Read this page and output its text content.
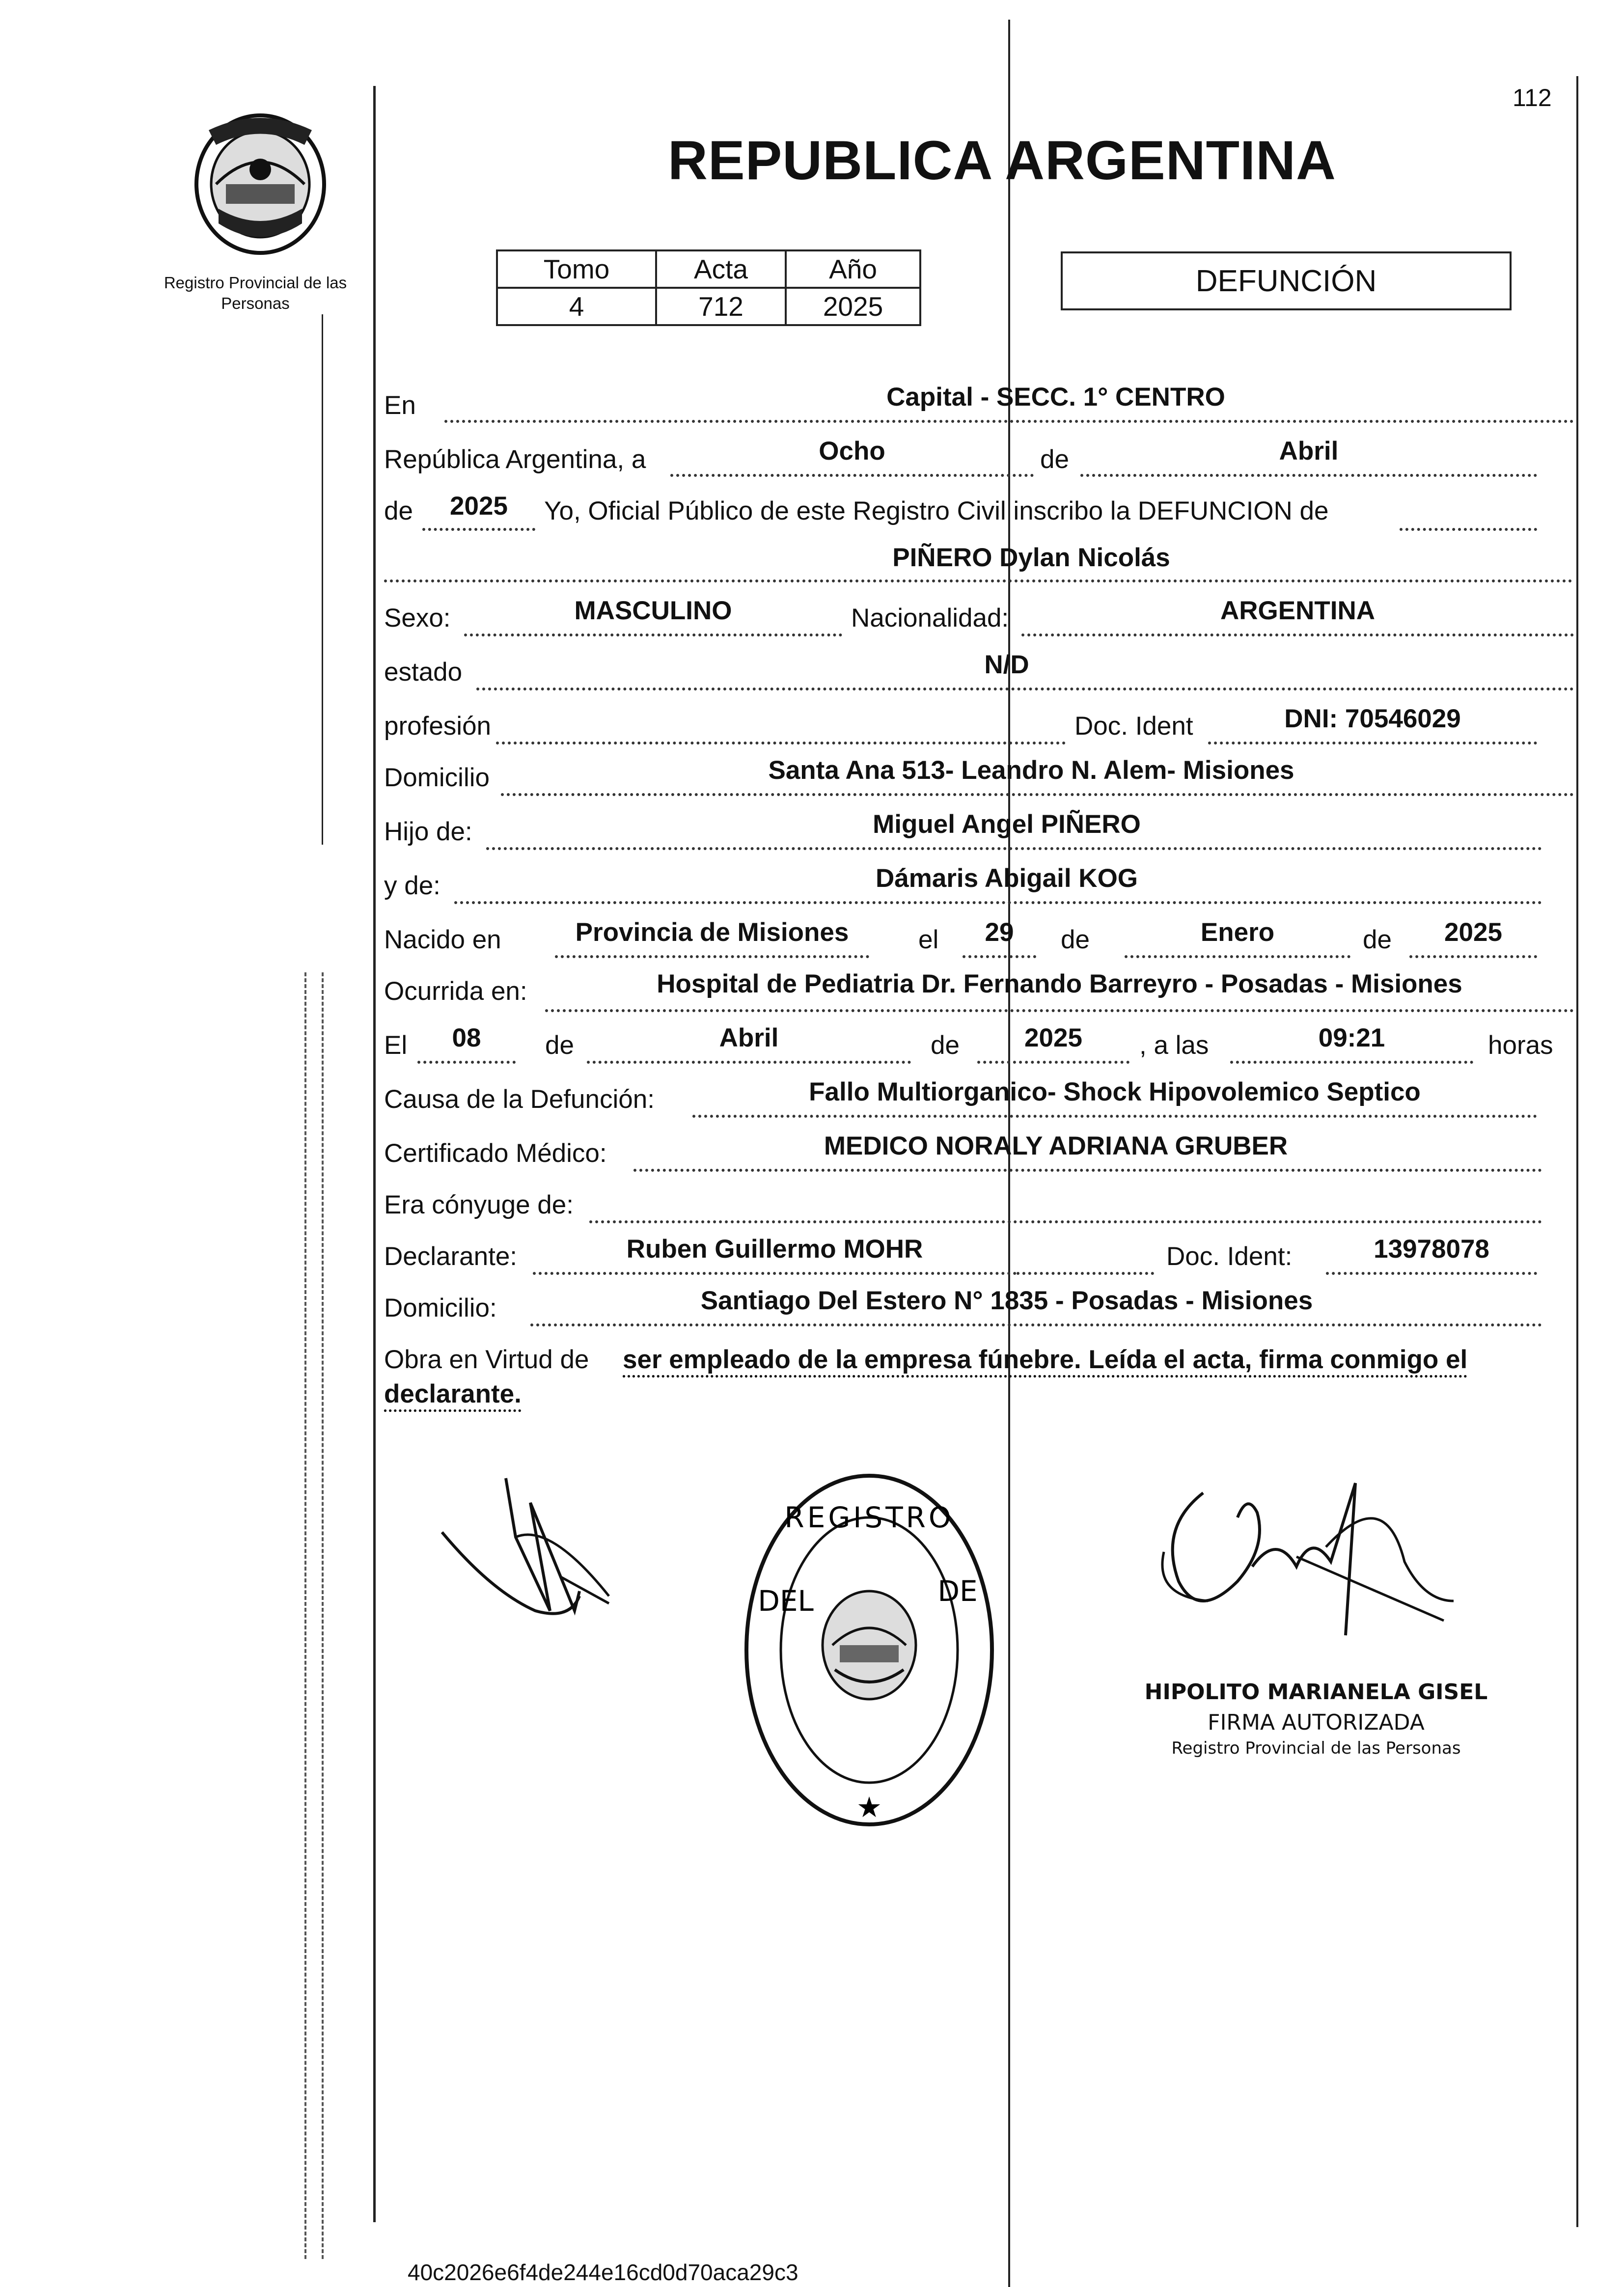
112
REPUBLICA ARGENTINA
Registro Provincial de las Personas
Tomo	Acta	Año
4	712	2025
DEFUNCIÓN
En	Capital - SECC. 1° CENTRO
República Argentina, a	Ocho	de	Abril
de	2025	Yo, Oficial Público de este Registro Civil inscribo la DEFUNCION de
PIÑERO Dylan Nicolás
Sexo:	MASCULINO	Nacionalidad:	ARGENTINA
estado	N/D
profesión	Doc. Ident	DNI: 70546029
Domicilio	Santa Ana 513- Leandro N. Alem- Misiones
Hijo de:	Miguel Angel PIÑERO
y de:	Dámaris Abigail KOG
Nacido en	Provincia de Misiones	el	29	de	Enero	de	2025
Ocurrida en:	Hospital de Pediatria Dr. Fernando Barreyro - Posadas - Misiones
El	08	de	Abril	de	2025	, a las	09:21	horas
Causa de la Defunción:	Fallo Multiorganico- Shock Hipovolemico Septico
Certificado Médico:	MEDICO NORALY ADRIANA GRUBER
Era cónyuge de:
Declarante:	Ruben Guillermo MOHR	Doc. Ident:	13978078
Domicilio:	Santiago Del Estero N° 1835 - Posadas - Misiones
Obra en Virtud de ser empleado de la empresa fúnebre. Leída el acta, firma conmigo el
declarante.
REGISTRO
DEL	DE
★
HIPOLITO MARIANELA GISEL
FIRMA AUTORIZADA
Registro Provincial de las Personas
40c2026e6f4de244e16cd0d70aca29c3
